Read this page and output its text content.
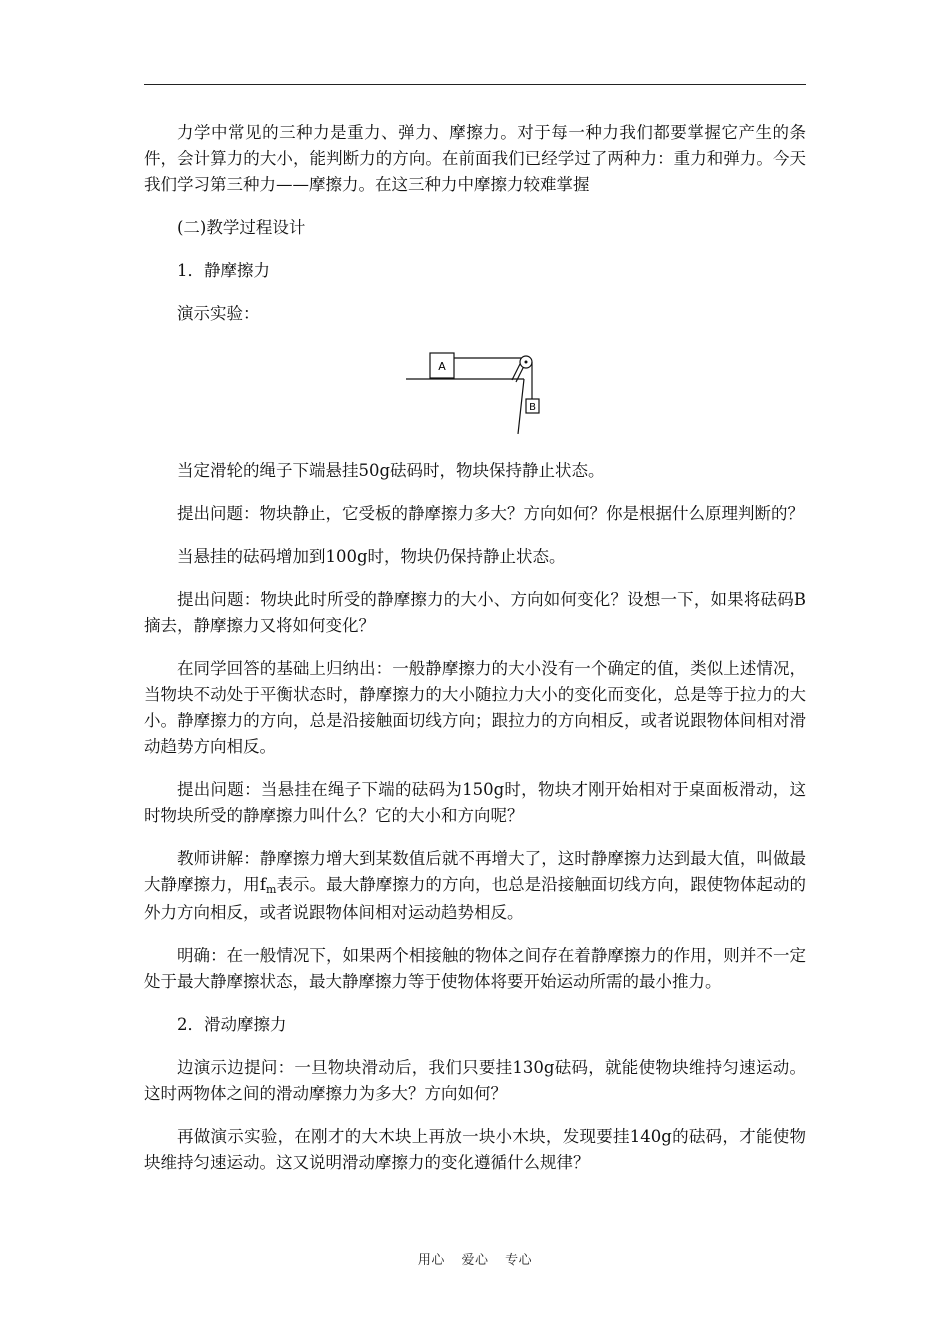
力学中常见的三种力是重力、弹力、摩擦力。对于每一种力我们都要掌握它产生的条件，会计算力的大小，能判断力的方向。在前面我们已经学过了两种力：重力和弹力。今天我们学习第三种力——摩擦力。在这三种力中摩擦力较难掌握

(二)教学过程设计

1．静摩擦力

演示实验：

A
B

当定滑轮的绳子下端悬挂50g砝码时，物块保持静止状态。

提出问题：物块静止，它受板的静摩擦力多大？方向如何？你是根据什么原理判断的？

当悬挂的砝码增加到100g时，物块仍保持静止状态。

提出问题：物块此时所受的静摩擦力的大小、方向如何变化？设想一下，如果将砝码B摘去，静摩擦力又将如何变化？

在同学回答的基础上归纳出：一般静摩擦力的大小没有一个确定的值，类似上述情况，当物块不动处于平衡状态时，静摩擦力的大小随拉力大小的变化而变化，总是等于拉力的大小。静摩擦力的方向，总是沿接触面切线方向；跟拉力的方向相反，或者说跟物体间相对滑动趋势方向相反。

提出问题：当悬挂在绳子下端的砝码为150g时，物块才刚开始相对于桌面板滑动，这时物块所受的静摩擦力叫什么？它的大小和方向呢？

教师讲解：静摩擦力增大到某数值后就不再增大了，这时静摩擦力达到最大值，叫做最大静摩擦力，用fm表示。最大静摩擦力的方向，也总是沿接触面切线方向，跟使物体起动的外力方向相反，或者说跟物体间相对运动趋势相反。

明确：在一般情况下，如果两个相接触的物体之间存在着静摩擦力的作用，则并不一定处于最大静摩擦状态，最大静摩擦力等于使物体将要开始运动所需的最小推力。

2．滑动摩擦力

边演示边提问：一旦物块滑动后，我们只要挂130g砝码，就能使物块维持匀速运动。这时两物体之间的滑动摩擦力为多大？方向如何？

再做演示实验，在刚才的大木块上再放一块小木块，发现要挂140g的砝码，才能使物块维持匀速运动。这又说明滑动摩擦力的变化遵循什么规律？

用心 爱心 专心
